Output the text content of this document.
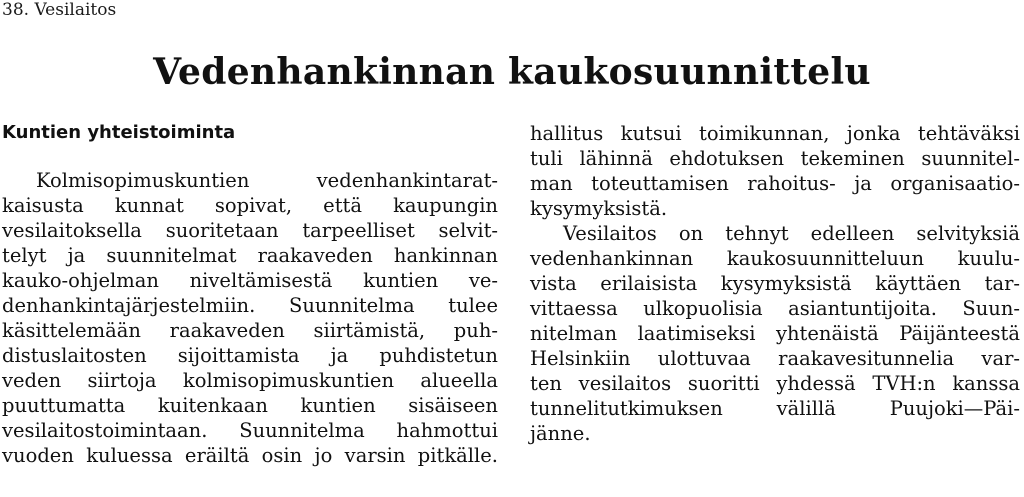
38. Vesilaitos
Vedenhankinnan kaukosuunnittelu
Kuntien yhteistoiminta
Kolmisopimuskuntien vedenhankintarat-
kaisusta kunnat sopivat, että kaupungin
vesilaitoksella suoritetaan tarpeelliset selvit-
telyt ja suunnitelmat raakaveden hankinnan
kauko-ohjelman niveltämisestä kuntien ve-
denhankintajärjestelmiin. Suunnitelma tulee
käsittelemään raakaveden siirtämistä, puh-
distuslaitosten sijoittamista ja puhdistetun
veden siirtoja kolmisopimuskuntien alueella
puuttumatta kuitenkaan kuntien sisäiseen
vesilaitostoimintaan. Suunnitelma hahmottui
vuoden kuluessa eräiltä osin jo varsin pitkälle.
hallitus kutsui toimikunnan, jonka tehtäväksi
tuli lähinnä ehdotuksen tekeminen suunnitel-
man toteuttamisen rahoitus- ja organisaatio-
kysymyksistä.
Vesilaitos on tehnyt edelleen selvityksiä
vedenhankinnan kaukosuunnitteluun kuulu-
vista erilaisista kysymyksistä käyttäen tar-
vittaessa ulkopuolisia asiantuntijoita. Suun-
nitelman laatimiseksi yhtenäistä Päijänteestä
Helsinkiin ulottuvaa raakavesitunnelia var-
ten vesilaitos suoritti yhdessä TVH:n kanssa
tunnelitutkimuksen välillä Puujoki—Päi-
jänne.
